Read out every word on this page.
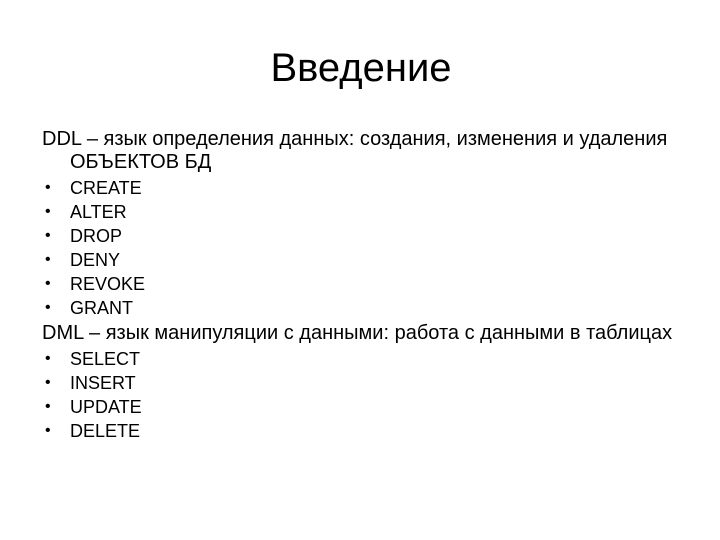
Введение

DDL – язык определения данных: создания, изменения и удаления ОБЪЕКТОВ БД

• CREATE
• ALTER
• DROP
• DENY
• REVOKE
• GRANT

DML – язык манипуляции с данными: работа с данными в таблицах

• SELECT
• INSERT
• UPDATE
• DELETE
